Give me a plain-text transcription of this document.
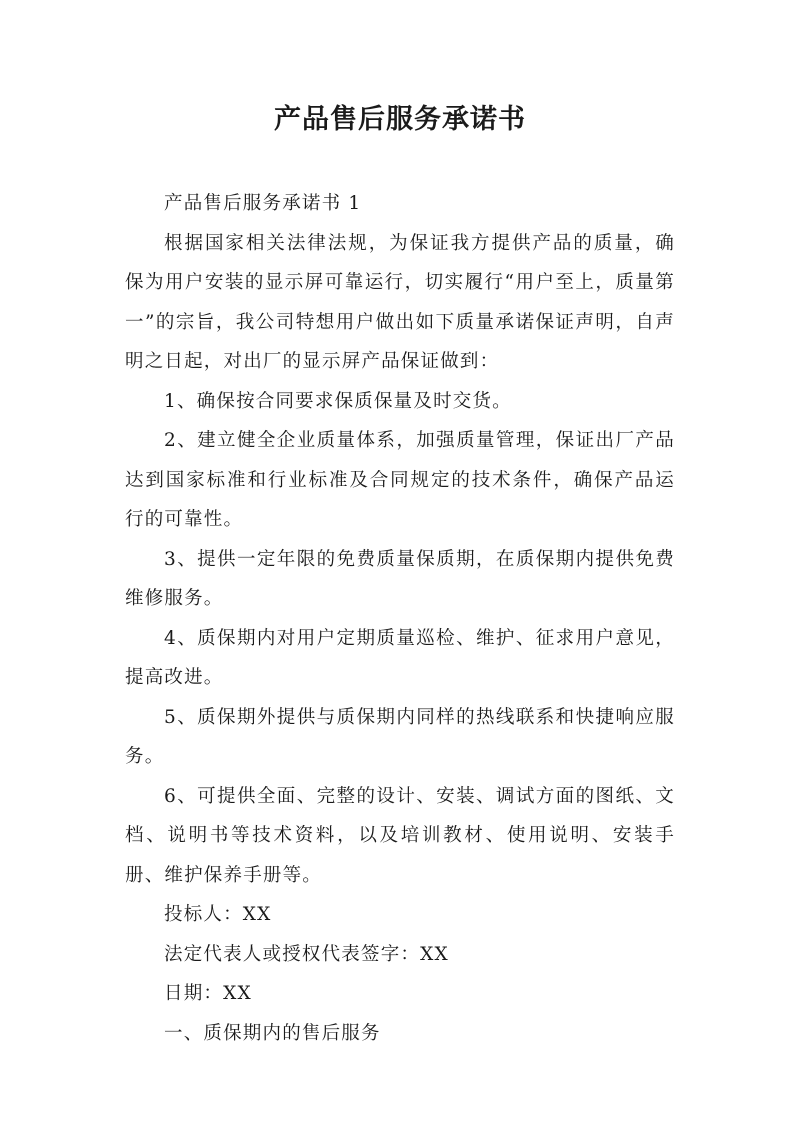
产品售后服务承诺书

产品售后服务承诺书 1

根据国家相关法律法规，为保证我方提供产品的质量，确保为用户安装的显示屏可靠运行，切实履行“用户至上，质量第一”的宗旨，我公司特想用户做出如下质量承诺保证声明，自声明之日起，对出厂的显示屏产品保证做到：

1、确保按合同要求保质保量及时交货。

2、建立健全企业质量体系，加强质量管理，保证出厂产品达到国家标准和行业标准及合同规定的技术条件，确保产品运行的可靠性。

3、提供一定年限的免费质量保质期，在质保期内提供免费维修服务。

4、质保期内对用户定期质量巡检、维护、征求用户意见，提高改进。

5、质保期外提供与质保期内同样的热线联系和快捷响应服务。

6、可提供全面、完整的设计、安装、调试方面的图纸、文档、说明书等技术资料，以及培训教材、使用说明、安装手册、维护保养手册等。

投标人：XX

法定代表人或授权代表签字：XX

日期：XX

一、质保期内的售后服务
